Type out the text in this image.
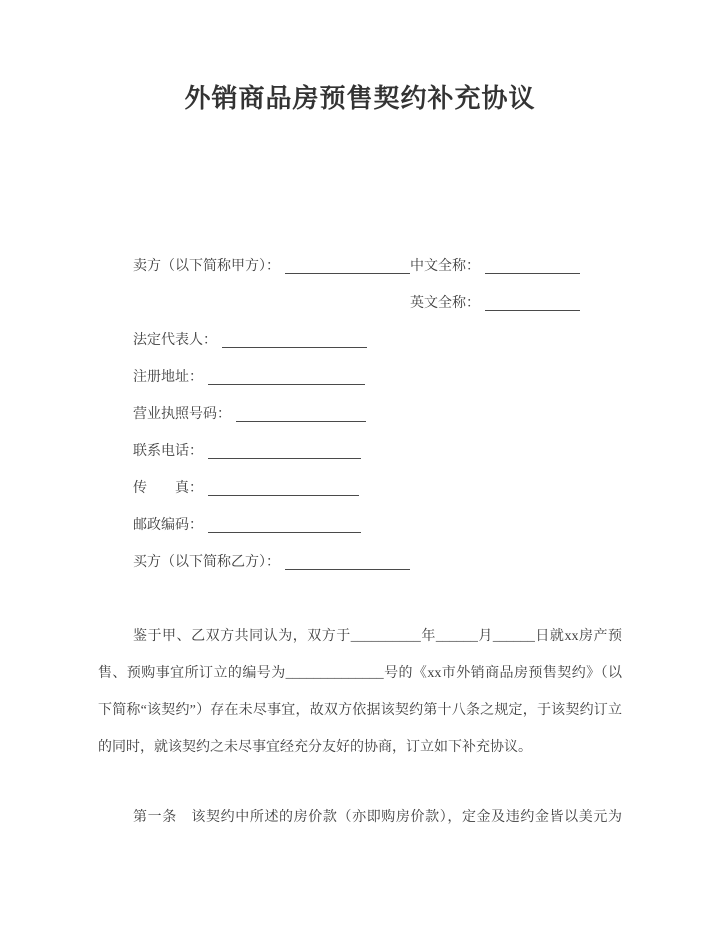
外销商品房预售契约补充协议
卖方（以下简称甲方）：	中文全称：
英文全称：
法定代表人：
注册地址：
营业执照号码：
联系电话：
传　　真：
邮政编码：
买方（以下简称乙方）：

鉴于甲、乙双方共同认为，双方于__________年______月______日就xx房产预售、预购事宜所订立的编号为______________号的《xx市外销商品房预售契约》（以下简称“该契约”）存在未尽事宜，故双方依据该契约第十八条之规定，于该契约订立的同时，就该契约之未尽事宜经充分友好的协商，订立如下补充协议。

第一条　该契约中所述的房价款（亦即购房价款），定金及违约金皆以美元为
